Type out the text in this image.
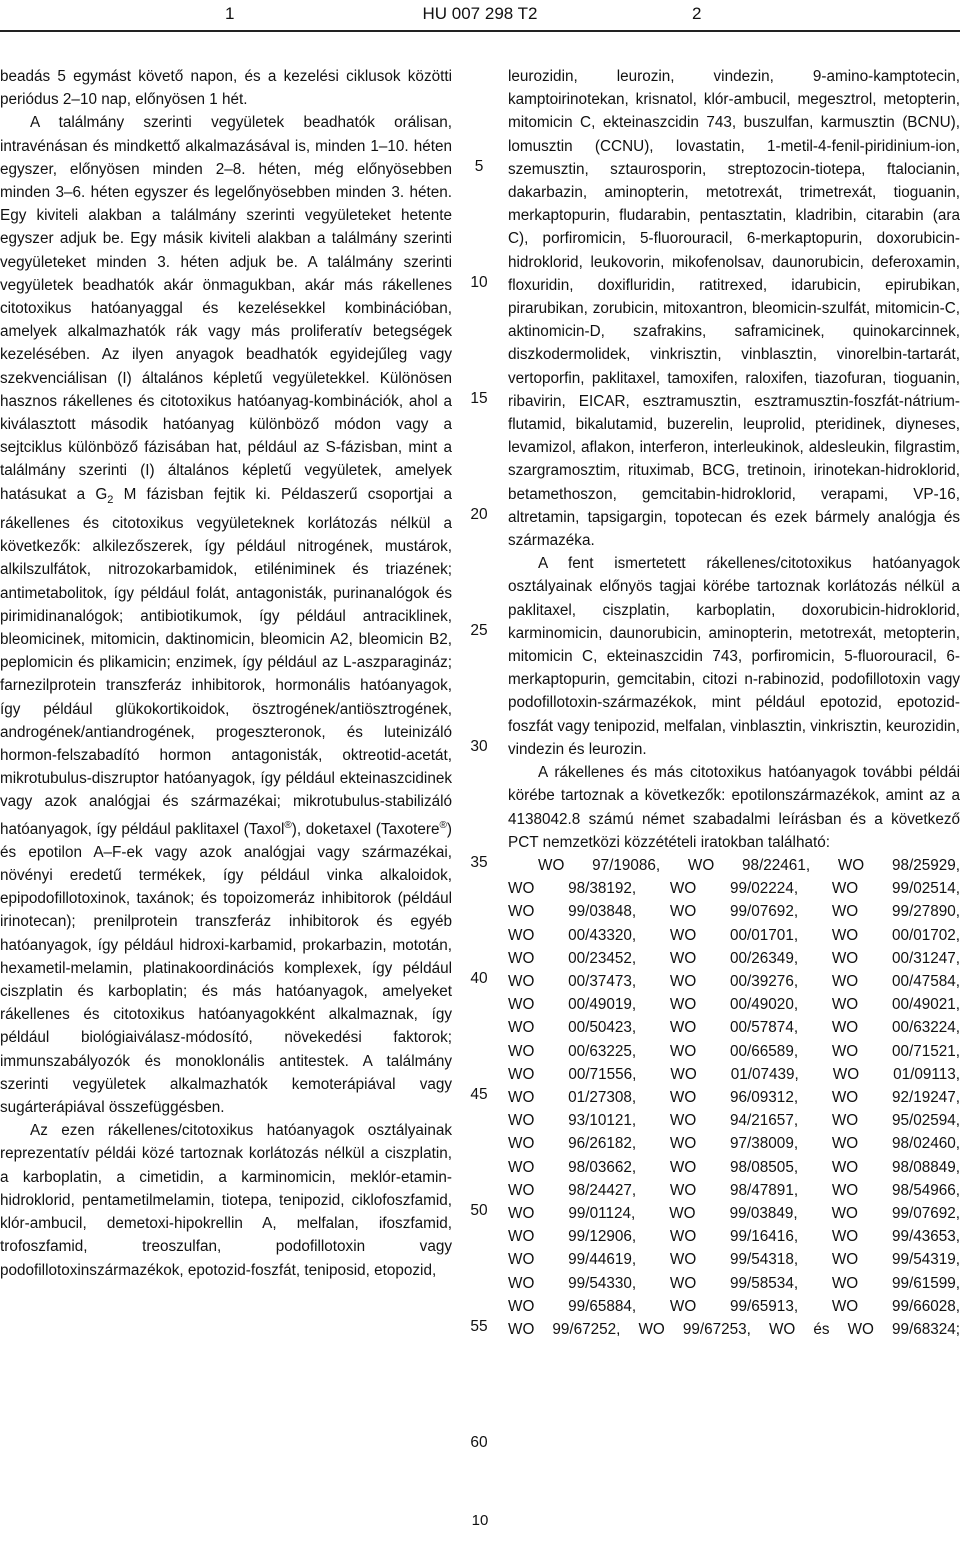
1	HU 007 298 T2	2

beadás 5 egymást követő napon, és a kezelési ciklusok közötti periódus 2–10 nap, előnyösen 1 hét.

A találmány szerinti vegyületek beadhatók orálisan, intravénásan és mindkettő alkalmazásával is, minden 1–10. héten egyszer, előnyösen minden 2–8. héten, még előnyösebben minden 3–6. héten egyszer és legelőnyösebben minden 3. héten. Egy kiviteli alakban a találmány szerinti vegyületeket hetente egyszer adjuk be. Egy másik kiviteli alakban a találmány szerinti vegyületeket minden 3. héten adjuk be. A találmány szerinti vegyületek beadhatók akár önmagukban, akár más rákellenes citotoxikus hatóanyaggal és kezelésekkel kombinációban, amelyek alkalmazhatók rák vagy más proliferatív betegségek kezelésében. Az ilyen anyagok beadhatók egyidejűleg vagy szekvenciálisan (I) általános képletű vegyületekkel. Különösen hasznos rákellenes és citotoxikus hatóanyag-kombinációk, ahol a kiválasztott második hatóanyag különböző módon vagy a sejtciklus különböző fázisában hat, például az S-fázisban, mint a találmány szerinti (I) általános képletű vegyületek, amelyek hatásukat a $G_2$ M fázisban fejtik ki. Példaszerű csoportjai a rákellenes és citotoxikus vegyületeknek korlátozás nélkül a következők: alkilezőszerek, így például nitrogének, mustárok, alkilszulfátok, nitrozokarbamidok, etiléniminek és triazének; antimetabolitok, így például folát, antagonisták, purinanalógok és pirimidinanalógok; antibiotikumok, így például antraciklinek, bleomicinek, mitomicin, daktinomicin, bleomicin A2, bleomicin B2, peplomicin és plikamicin; enzimek, így például az L-aszparagináz; farnezilprotein transzferáz inhibitorok, hormonális hatóanyagok, így például glükokortikoidok, ösztrogének/antiösztrogének, androgének/antiandrogének, progeszteronok, és luteinizáló hormon-felszabadító hormon antagonisták, oktreotid-acetát, mikrotubulus-diszruptor hatóanyagok, így például ekteinaszcidinek vagy azok analógjai és származékai; mikrotubulus-stabilizáló hatóanyagok, így például paklitaxel (Taxol®), doketaxel (Taxotere®) és epotilon A–F-ek vagy azok analógjai vagy származékai, növényi eredetű termékek, így például vinka alkaloidok, epipodofillotoxinok, taxánok; és topoizomeráz inhibitorok (például irinotecan); prenilprotein transzferáz inhibitorok és egyéb hatóanyagok, így például hidroxi-karbamid, prokarbazin, mototán, hexametil-melamin, platinakoordinációs komplexek, így például ciszplatin és karboplatin; és más hatóanyagok, amelyeket rákellenes és citotoxikus hatóanyagokként alkalmaznak, így például biológiaiválasz-módosító, növekedési faktorok; immunszabályozók és monoklonális antitestek. A találmány szerinti vegyületek alkalmazhatók kemoterápiával vagy sugárterápiával összefüggésben.

Az ezen rákellenes/citotoxikus hatóanyagok osztályainak reprezentatív példái közé tartoznak korlátozás nélkül a ciszplatin, a karboplatin, a cimetidin, a karminomicin, meklór-etamin-hidroklorid, pentametilmelamin, tiotepa, tenipozid, ciklofoszfamid, klór-ambucil, demetoxi-hipokrellin A, melfalan, ifoszfamid, trofoszfamid, treoszulfan, podofillotoxin vagy podofillotoxinszármazékok, epotozid-foszfát, teniposid, etopozid,

5
10
15
20
25
30
35
40
45
50
55
60

leurozidin, leurozin, vindezin, 9-amino-kamptotecin, kamptoirinotekan, krisnatol, klór-ambucil, megesztrol, metopterin, mitomicin C, ekteinaszcidin 743, buszulfan, karmusztin (BCNU), lomusztin (CCNU), lovastatin, 1-metil-4-fenil-piridinium-ion, szemusztin, sztaurosporin, streptozocin-tiotepa, ftalocianin, dakarbazin, aminopterin, metotrexát, trimetrexát, tioguanin, merkaptopurin, fludarabin, pentasztatin, kladribin, citarabin (ara C), porfiromicin, 5-fluorouracil, 6-merkaptopurin, doxorubicin-hidroklorid, leukovorin, mikofenolsav, daunorubicin, deferoxamin, floxuridin, doxifluridin, ratitrexed, idarubicin, epirubikan, pirarubikan, zorubicin, mitoxantron, bleomicin-szulfát, mitomicin-C, aktinomicin-D, szafrakins, saframicinek, quinokarcinnek, diszkodermolidek, vinkrisztin, vinblasztin, vinorelbin-tartarát, vertoporfin, paklitaxel, tamoxifen, raloxifen, tiazofuran, tioguanin, ribavirin, EICAR, esztramusztin, esztramusztin-foszfát-nátrium-flutamid, bikalutamid, buzerelin, leuprolid, pteridinek, diyneses, levamizol, aflakon, interferon, interleukinok, aldesleukin, filgrastim, szargramosztim, rituximab, BCG, tretinoin, irinotekan-hidroklorid, betamethoszon, gemcitabin-hidroklorid, verapami, VP-16, altretamin, tapsigargin, topotecan és ezek bármely analógja és származéka.

A fent ismertetett rákellenes/citotoxikus hatóanyagok osztályainak előnyös tagjai körébe tartoznak korlátozás nélkül a paklitaxel, ciszplatin, karboplatin, doxorubicin-hidroklorid, karminomicin, daunorubicin, aminopterin, metotrexát, metopterin, mitomicin C, ekteinaszcidin 743, porfiromicin, 5-fluorouracil, 6-merkaptopurin, gemcitabin, citozi n-rabinozid, podofillotoxin vagy podofillotoxin-származékok, mint például epotozid, epotozid-foszfát vagy tenipozid, melfalan, vinblasztin, vinkrisztin, keurozidin, vindezin és leurozin.

A rákellenes és más citotoxikus hatóanyagok további példái körébe tartoznak a következők: epotilonszármazékok, amint az a 4138042.8 számú német szabadalmi leírásban és a következő PCT nemzetközi közzétételi iratokban található:

WO 97/19086, WO 98/22461, WO 98/25929,
WO 98/38192, WO 99/02224, WO 99/02514,
WO 99/03848, WO 99/07692, WO 99/27890,
WO 00/43320, WO 00/01701, WO 00/01702,
WO 00/23452, WO 00/26349, WO 00/31247,
WO 00/37473, WO 00/39276, WO 00/47584,
WO 00/49019, WO 00/49020, WO 00/49021,
WO 00/50423, WO 00/57874, WO 00/63224,
WO 00/63225, WO 00/66589, WO 00/71521,
WO 00/71556, WO 01/07439, WO 01/09113,
WO 01/27308, WO 96/09312, WO 92/19247,
WO 93/10121, WO 94/21657, WO 95/02594,
WO 96/26182, WO 97/38009, WO 98/02460,
WO 98/03662, WO 98/08505, WO 98/08849,
WO 98/24427, WO 98/47891, WO 98/54966,
WO 99/01124, WO 99/03849, WO 99/07692,
WO 99/12906, WO 99/16416, WO 99/43653,
WO 99/44619, WO 99/54318, WO 99/54319,
WO 99/54330, WO 99/58534, WO 99/61599,
WO 99/65884, WO 99/65913, WO 99/66028,
WO 99/67252, WO 99/67253, WO és WO 99/68324;
10
